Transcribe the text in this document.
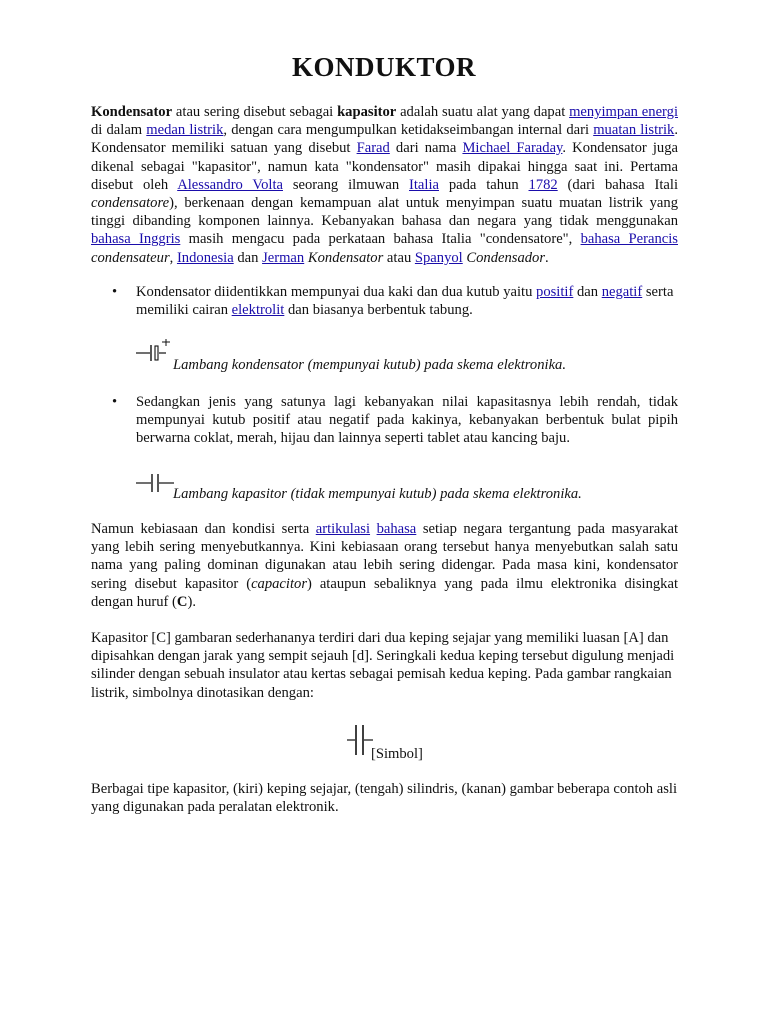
KONDUKTOR

Kondensator atau sering disebut sebagai kapasitor adalah suatu alat yang dapat menyimpan energi di dalam medan listrik, dengan cara mengumpulkan ketidakseimbangan internal dari muatan listrik. Kondensator memiliki satuan yang disebut Farad dari nama Michael Faraday. Kondensator juga dikenal sebagai "kapasitor", namun kata "kondensator" masih dipakai hingga saat ini. Pertama disebut oleh Alessandro Volta seorang ilmuwan Italia pada tahun 1782 (dari bahasa Itali condensatore), berkenaan dengan kemampuan alat untuk menyimpan suatu muatan listrik yang tinggi dibanding komponen lainnya. Kebanyakan bahasa dan negara yang tidak menggunakan bahasa Inggris masih mengacu pada perkataan bahasa Italia "condensatore", bahasa Perancis condensateur, Indonesia dan Jerman Kondensator atau Spanyol Condensador.

• Kondensator diidentikkan mempunyai dua kaki dan dua kutub yaitu positif dan negatif serta memiliki cairan elektrolit dan biasanya berbentuk tabung.

Lambang kondensator (mempunyai kutub) pada skema elektronika.
• Sedangkan jenis yang satunya lagi kebanyakan nilai kapasitasnya lebih rendah, tidak mempunyai kutub positif atau negatif pada kakinya, kebanyakan berbentuk bulat pipih berwarna coklat, merah, hijau dan lainnya seperti tablet atau kancing baju.

Lambang kapasitor (tidak mempunyai kutub) pada skema elektronika.

Namun kebiasaan dan kondisi serta artikulasi bahasa setiap negara tergantung pada masyarakat yang lebih sering menyebutkannya. Kini kebiasaan orang tersebut hanya menyebutkan salah satu nama yang paling dominan digunakan atau lebih sering didengar. Pada masa kini, kondensator sering disebut kapasitor (capacitor) ataupun sebaliknya yang pada ilmu elektronika disingkat dengan huruf (C).

Kapasitor [C] gambaran sederhananya terdiri dari dua keping sejajar yang memiliki luasan [A] dan dipisahkan dengan jarak yang sempit sejauh [d]. Seringkali kedua keping tersebut digulung menjadi silinder dengan sebuah insulator atau kertas sebagai pemisah kedua keping. Pada gambar rangkaian listrik, simbolnya dinotasikan dengan:

[Simbol]

Berbagai tipe kapasitor, (kiri) keping sejajar, (tengah) silindris, (kanan) gambar beberapa contoh asli yang digunakan pada peralatan elektronik.
